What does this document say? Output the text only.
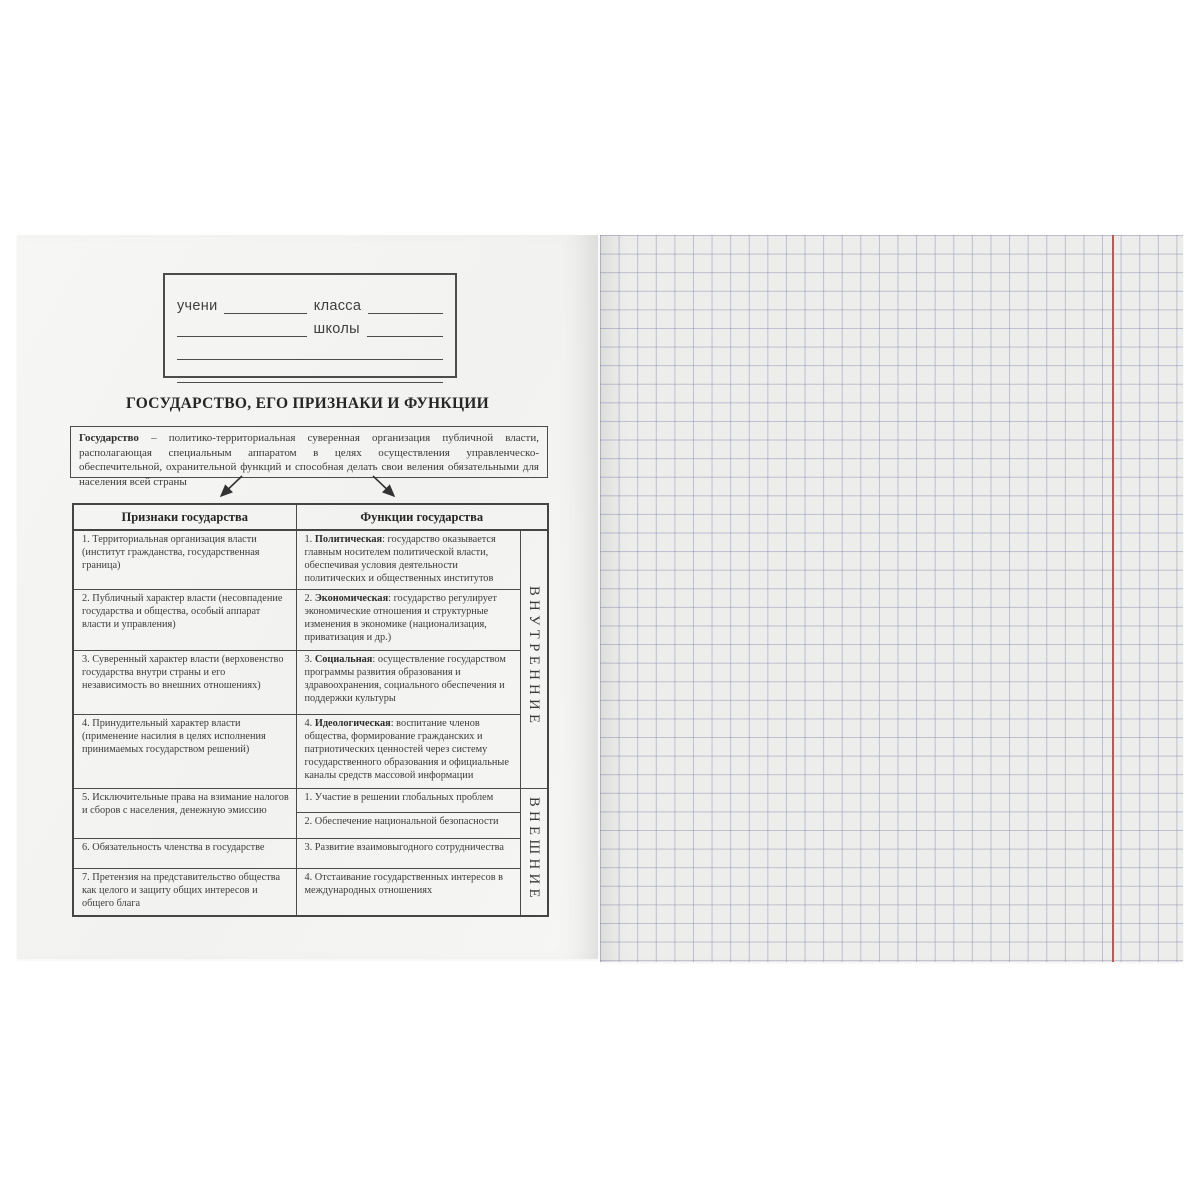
учени	класса
школы
ГОСУДАРСТВО, ЕГО ПРИЗНАКИ И ФУНКЦИИ
Государство – политико-территориальная суверенная организация публичной власти, располагающая специальным аппаратом в целях осуществления управленческо-обеспечительной, охранительной функций и способная делать свои веления обязательными для населения всей страны
Признаки государства	Функции государства	
1. Территориальная организация власти (институт гражданства, государственная граница)	1. Политическая: государство оказывается главным носителем политической власти, обеспечивая условия деятельности политических и общественных институтов	ВНУТРЕННИЕ
2. Публичный характер власти (несовпадение государства и общества, особый аппарат власти и управления)	2. Экономическая: государство регулирует экономические отношения и структурные изменения в экономике (национализация, приватизация и др.)	
3. Суверенный характер власти (верховенство государства внутри страны и его независимость во внешних отношениях)	3. Социальная: осуществление государством программы развития образования и здравоохранения, социального обеспечения и поддержки культуры	
4. Принудительный характер власти (применение насилия в целях исполнения принимаемых государством решений)	4. Идеологическая: воспитание членов общества, формирование гражданских и патриотических ценностей через систему государственного образования и официальные каналы средств массовой информации	
5. Исключительные права на взимание налогов и сборов с населения, денежную эмиссию	1. Участие в решении глобальных проблем	ВНЕШНИЕ
	2. Обеспечение национальной безопасности	
6. Обязательность членства в государстве	3. Развитие взаимовыгодного сотрудничества	
7. Претензия на представительство общества как целого и защиту общих интересов и общего блага	4. Отстаивание государственных интересов в международных отношениях	
